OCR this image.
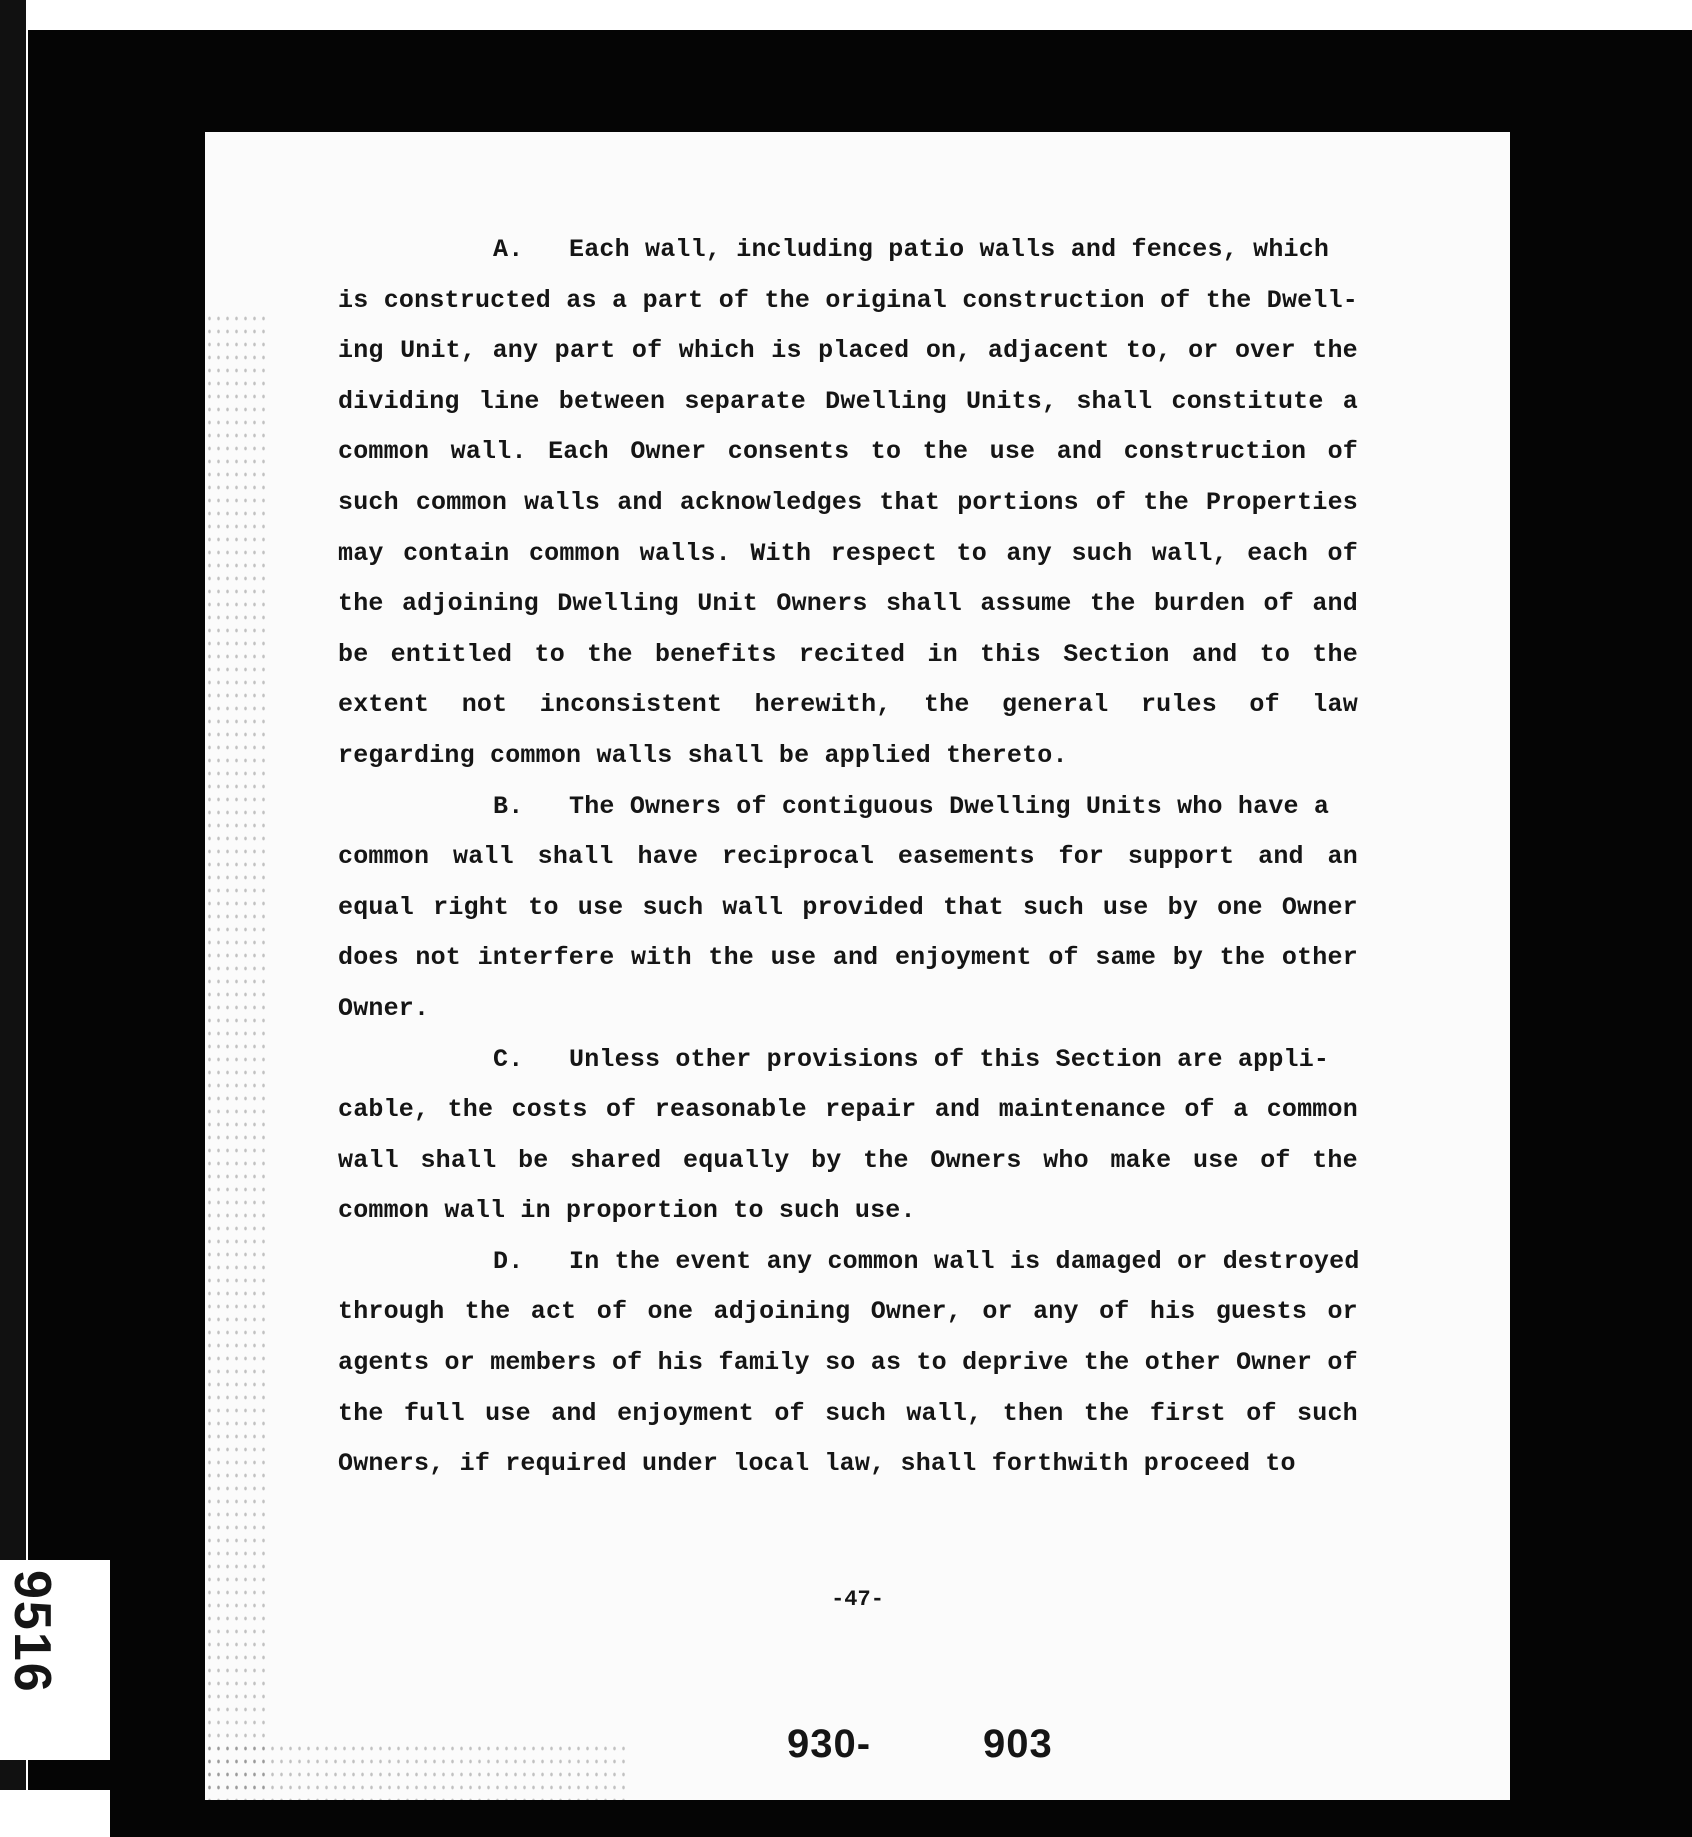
9516
A.   Each wall, including patio walls and fences, which
is constructed as a part of the original construction of the Dwell-
ing Unit, any part of which is placed on, adjacent to, or over the
dividing line between separate Dwelling Units, shall constitute a
common wall. Each Owner consents to the use and construction of
such common walls and acknowledges that portions of the Properties
may contain common walls. With respect to any such wall, each of
the adjoining Dwelling Unit Owners shall assume the burden of and
be entitled to the benefits recited in this Section and to the
extent not inconsistent herewith, the general rules of law
regarding common walls shall be applied thereto.
B.   The Owners of contiguous Dwelling Units who have a
common wall shall have reciprocal easements for support and an
equal right to use such wall provided that such use by one Owner
does not interfere with the use and enjoyment of same by the other
Owner.
C.   Unless other provisions of this Section are appli-
cable, the costs of reasonable repair and maintenance of a common
wall shall be shared equally by the Owners who make use of the
common wall in proportion to such use.
D.   In the event any common wall is damaged or destroyed
through the act of one adjoining Owner, or any of his guests or
agents or members of his family so as to deprive the other Owner of
the full use and enjoyment of such wall, then the first of such
Owners, if required under local law, shall forthwith proceed to
-47-
930-	903
